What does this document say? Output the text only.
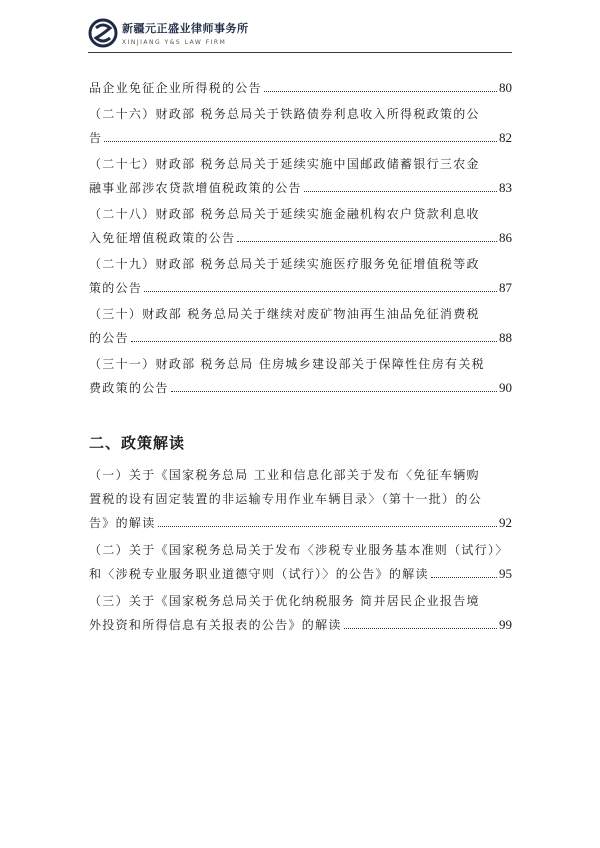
新疆元正盛业律师事务所
XINJIANG Y&S LAW FIRM
品企业免征企业所得税的公告	80
（二十六）财政部 税务总局关于铁路债券利息收入所得税政策的公
告	82
（二十七）财政部 税务总局关于延续实施中国邮政储蓄银行三农金
融事业部涉农贷款增值税政策的公告	83
（二十八）财政部 税务总局关于延续实施金融机构农户贷款利息收
入免征增值税政策的公告	86
（二十九）财政部 税务总局关于延续实施医疗服务免征增值税等政
策的公告	87
（三十）财政部 税务总局关于继续对废矿物油再生油品免征消费税
的公告	88
（三十一）财政部 税务总局 住房城乡建设部关于保障性住房有关税
费政策的公告	90
二、政策解读
（一）关于《国家税务总局 工业和信息化部关于发布〈免征车辆购
置税的设有固定装置的非运输专用作业车辆目录〉（第十一批）的公
告》的解读	92
（二）关于《国家税务总局关于发布〈涉税专业服务基本准则（试行）〉
和〈涉税专业服务职业道德守则（试行）〉的公告》的解读	95
（三）关于《国家税务总局关于优化纳税服务 简并居民企业报告境
外投资和所得信息有关报表的公告》的解读	99
